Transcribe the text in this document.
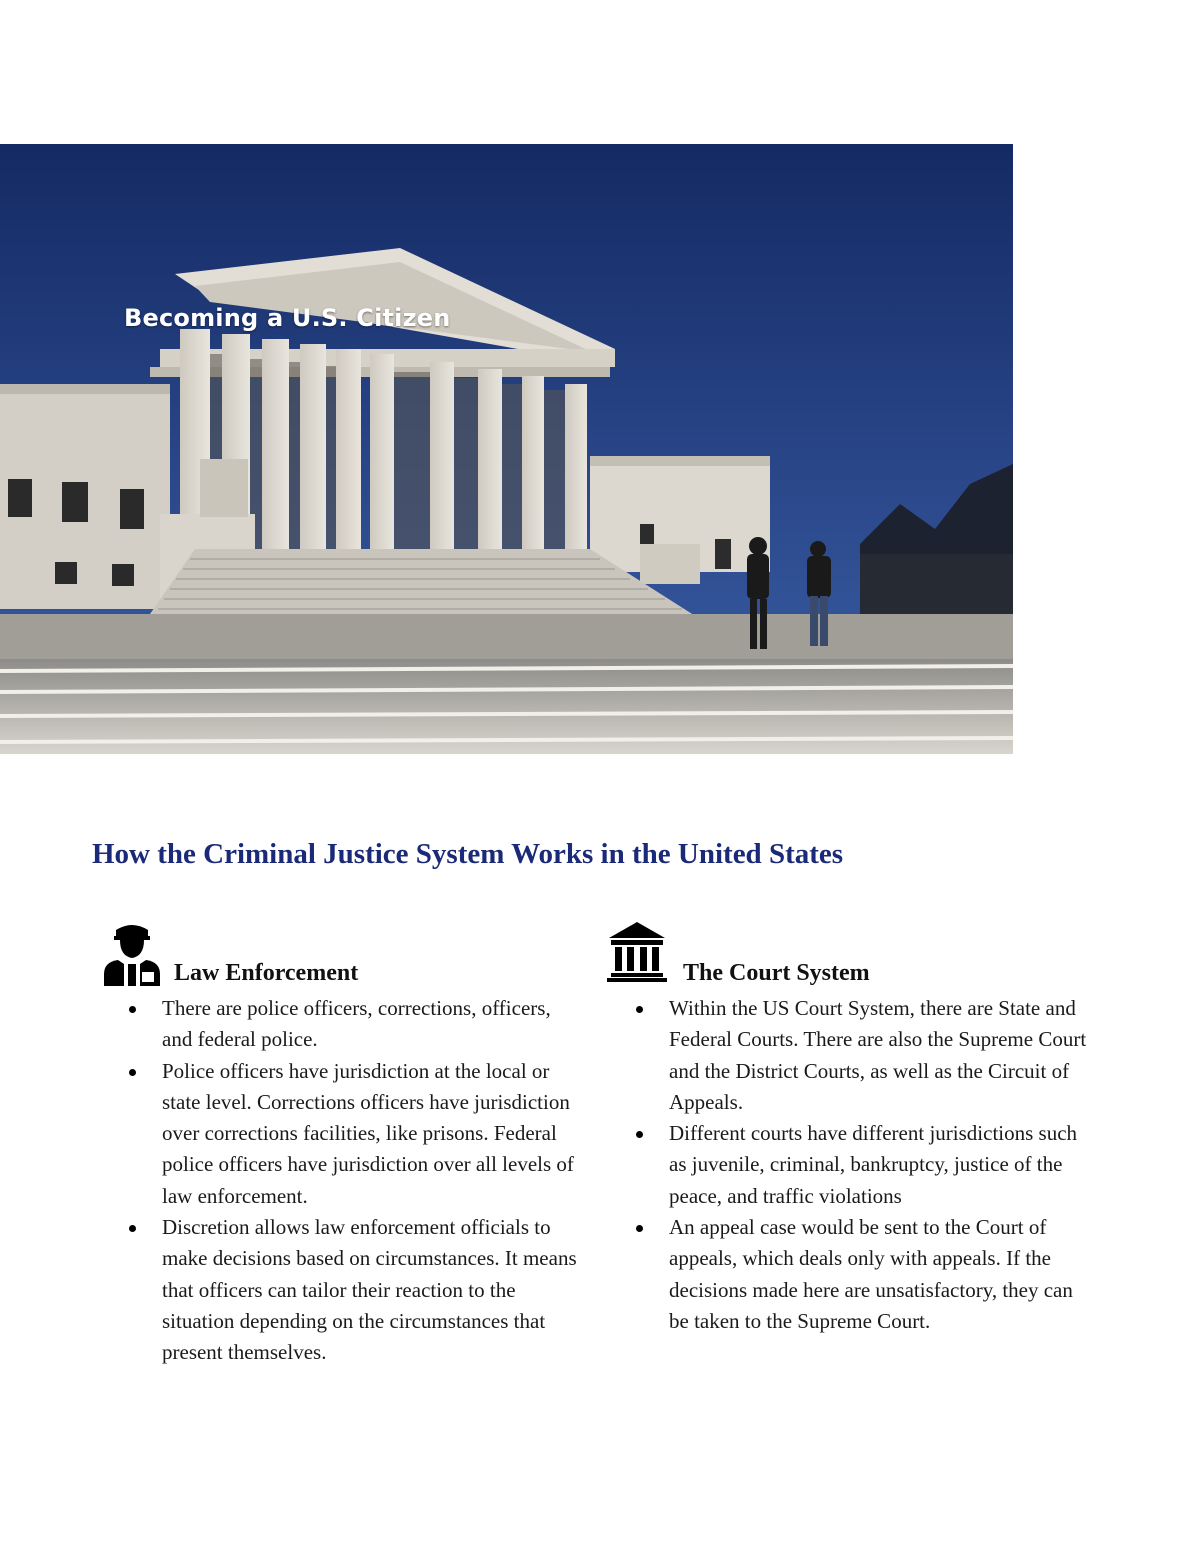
Becoming a U.S. Citizen
How the Criminal Justice System Works in the United States
Law Enforcement
There are police officers, corrections, officers, and federal police.
Police officers have jurisdiction at the local or state level. Corrections officers have jurisdiction over corrections facilities, like prisons. Federal police officers have jurisdiction over all levels of law enforcement.
Discretion allows law enforcement officials to make decisions based on circumstances. It means that officers can tailor their reaction to the situation depending on the circumstances that present themselves.
The Court System
Within the US Court System, there are State and Federal Courts. There are also the Supreme Court and the District Courts, as well as the Circuit of Appeals.
Different courts have different jurisdictions such as juvenile, criminal, bankruptcy, justice of the peace, and traffic violations
An appeal case would be sent to the Court of appeals, which deals only with appeals. If the decisions made here are unsatisfactory, they can be taken to the Supreme Court.
